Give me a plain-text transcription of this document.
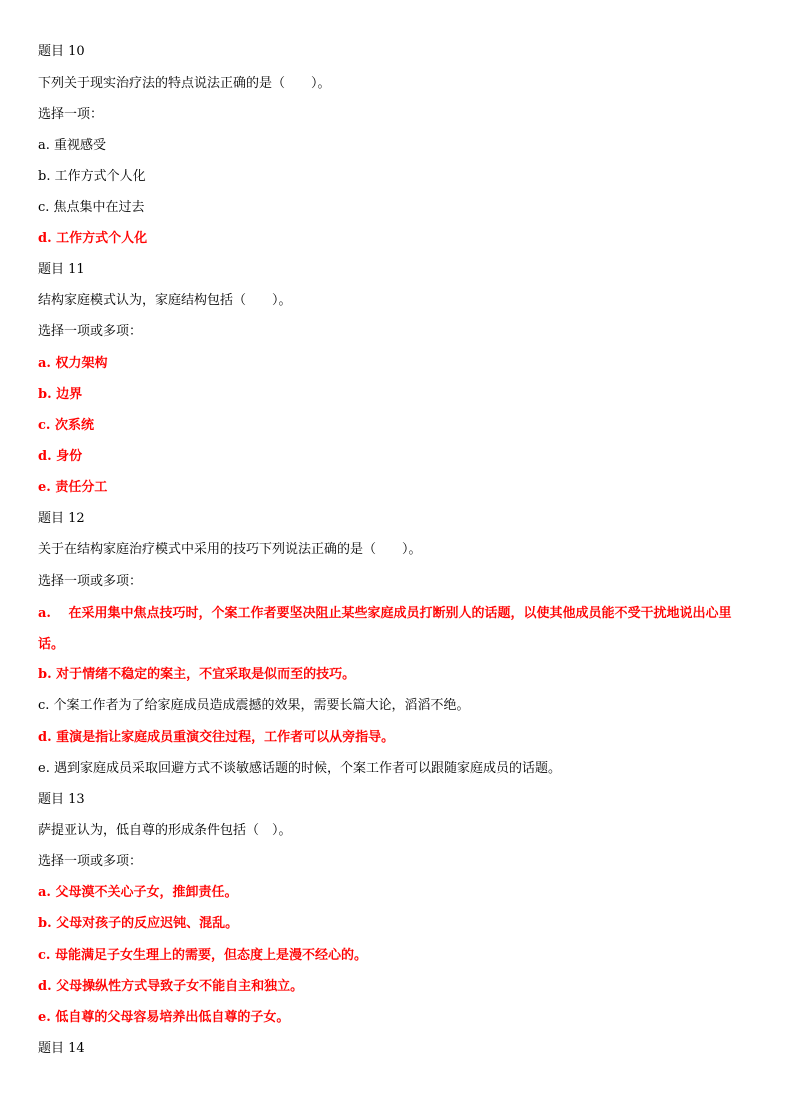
题目 10
下列关于现实治疗法的特点说法正确的是（　　）。
选择一项：
a. 重视感受
b. 工作方式个人化
c. 焦点集中在过去
d. 工作方式个人化
题目 11
结构家庭模式认为，家庭结构包括（　　）。
选择一项或多项：
a. 权力架构
b. 边界
c. 次系统
d. 身份
e. 责任分工
题目 12
关于在结构家庭治疗模式中采用的技巧下列说法正确的是（　　）。
选择一项或多项：
a.　 在采用集中焦点技巧时，个案工作者要坚决阻止某些家庭成员打断别人的话题，以使其他成员能不受干扰地说出心里话。
b. 对于情绪不稳定的案主，不宜采取是似而至的技巧。
c. 个案工作者为了给家庭成员造成震撼的效果，需要长篇大论，滔滔不绝。
d. 重演是指让家庭成员重演交往过程，工作者可以从旁指导。
e. 遇到家庭成员采取回避方式不谈敏感话题的时候，个案工作者可以跟随家庭成员的话题。
题目 13
萨提亚认为，低自尊的形成条件包括（　）。
选择一项或多项：
a. 父母漠不关心子女，推卸责任。
b. 父母对孩子的反应迟钝、混乱。
c. 母能满足子女生理上的需要，但态度上是漫不经心的。
d. 父母操纵性方式导致子女不能自主和独立。
e. 低自尊的父母容易培养出低自尊的子女。
题目 14
